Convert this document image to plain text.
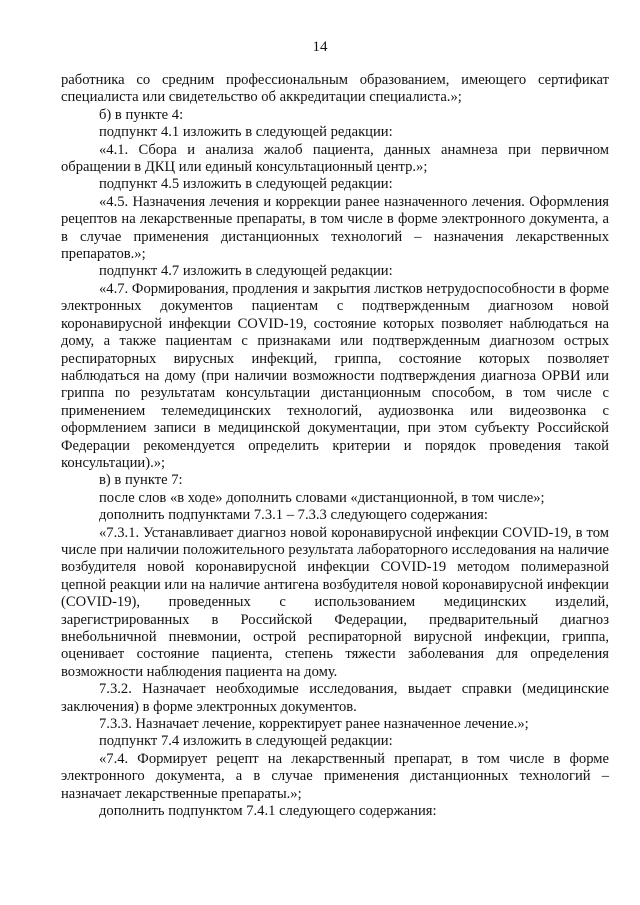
14

работника со средним профессиональным образованием, имеющего сертификат специалиста или свидетельство об аккредитации специалиста.»;

б) в пункте 4:

подпункт 4.1 изложить в следующей редакции:

«4.1. Сбора и анализа жалоб пациента, данных анамнеза при первичном обращении в ДКЦ или единый консультационный центр.»;

подпункт 4.5 изложить в следующей редакции:

«4.5. Назначения лечения и коррекции ранее назначенного лечения. Оформления рецептов на лекарственные препараты, в том числе в форме электронного документа, а в случае применения дистанционных технологий – назначения лекарственных препаратов.»;

подпункт 4.7 изложить в следующей редакции:

«4.7. Формирования, продления и закрытия листков нетрудоспособности в форме электронных документов пациентам с подтвержденным диагнозом новой коронавирусной инфекции COVID-19, состояние которых позволяет наблюдаться на дому, а также пациентам с признаками или подтвержденным диагнозом острых респираторных вирусных инфекций, гриппа, состояние которых позволяет наблюдаться на дому (при наличии возможности подтверждения диагноза ОРВИ или гриппа по результатам консультации дистанционным способом, в том числе с применением телемедицинских технологий, аудиозвонка или видеозвонка с оформлением записи в медицинской документации, при этом субъекту Российской Федерации рекомендуется определить критерии и порядок проведения такой консультации).»;

в) в пункте 7:

после слов «в ходе» дополнить словами «дистанционной, в том числе»;

дополнить подпунктами 7.3.1 – 7.3.3 следующего содержания:

«7.3.1. Устанавливает диагноз новой коронавирусной инфекции COVID-19, в том числе при наличии положительного результата лабораторного исследования на наличие возбудителя новой коронавирусной инфекции COVID-19 методом полимеразной цепной реакции или на наличие антигена возбудителя новой коронавирусной инфекции (COVID-19), проведенных с использованием медицинских изделий, зарегистрированных в Российской Федерации, предварительный диагноз внебольничной пневмонии, острой респираторной вирусной инфекции, гриппа, оценивает состояние пациента, степень тяжести заболевания для определения возможности наблюдения пациента на дому.

7.3.2. Назначает необходимые исследования, выдает справки (медицинские заключения) в форме электронных документов.

7.3.3. Назначает лечение, корректирует ранее назначенное лечение.»;

подпункт 7.4 изложить в следующей редакции:

«7.4. Формирует рецепт на лекарственный препарат, в том числе в форме электронного документа, а в случае применения дистанционных технологий – назначает лекарственные препараты.»;

дополнить подпунктом 7.4.1 следующего содержания:
